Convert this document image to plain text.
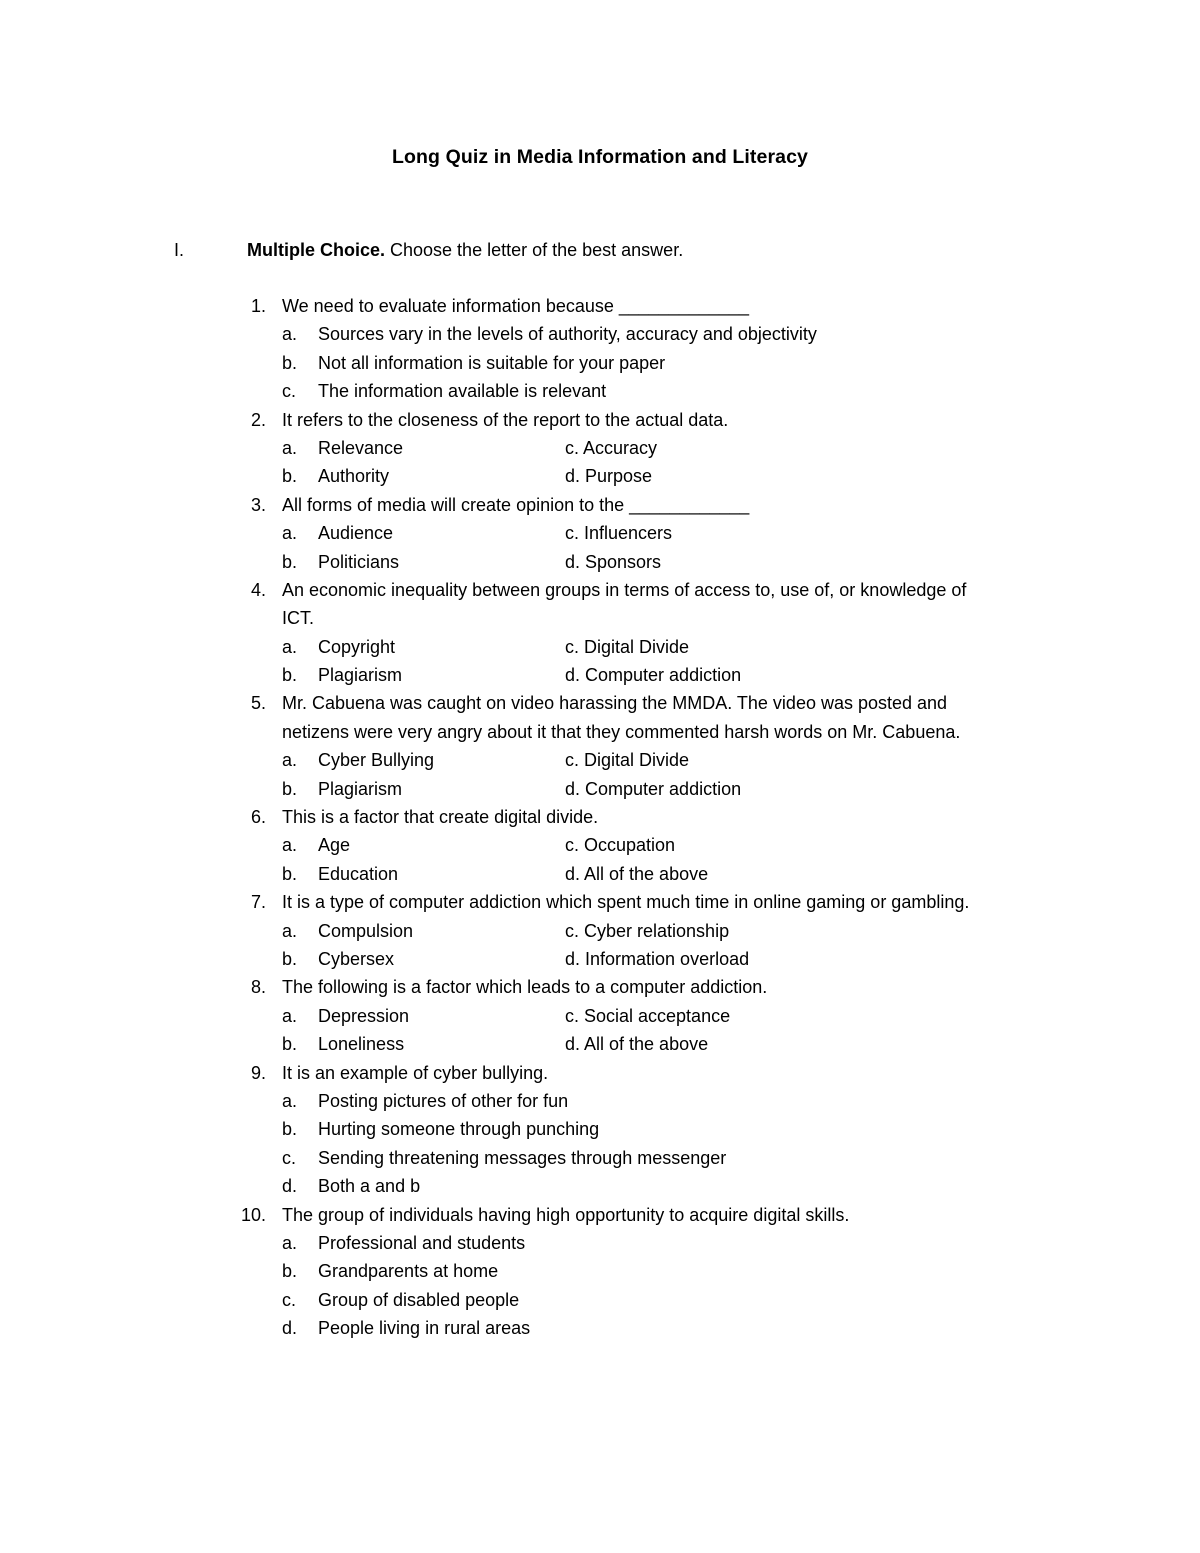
Long Quiz in Media Information and Literacy
I.	Multiple Choice. Choose the letter of the best answer.
1. We need to evaluate information because _____________
a. Sources vary in the levels of authority, accuracy and objectivity
b. Not all information is suitable for your paper
c. The information available is relevant
2. It refers to the closeness of the report to the actual data.
a. Relevance	c. Accuracy
b. Authority	d. Purpose
3. All forms of media will create opinion to the ____________
a. Audience	c. Influencers
b. Politicians	d. Sponsors
4. An economic inequality between groups in terms of access to, use of, or knowledge of
ICT.
a. Copyright	c. Digital Divide
b. Plagiarism	d. Computer addiction
5. Mr. Cabuena was caught on video harassing the MMDA. The video was posted and
netizens were very angry about it that they commented harsh words on Mr. Cabuena.
a. Cyber Bullying	c. Digital Divide
b. Plagiarism	d. Computer addiction
6. This is a factor that create digital divide.
a. Age	c. Occupation
b. Education	d. All of the above
7. It is a type of computer addiction which spent much time in online gaming or gambling.
a. Compulsion	c. Cyber relationship
b. Cybersex	d. Information overload
8. The following is a factor which leads to a computer addiction.
a. Depression	c. Social acceptance
b. Loneliness	d. All of the above
9. It is an example of cyber bullying.
a. Posting pictures of other for fun
b. Hurting someone through punching
c. Sending threatening messages through messenger
d. Both a and b
10. The group of individuals having high opportunity to acquire digital skills.
a. Professional and students
b. Grandparents at home
c. Group of disabled people
d. People living in rural areas
